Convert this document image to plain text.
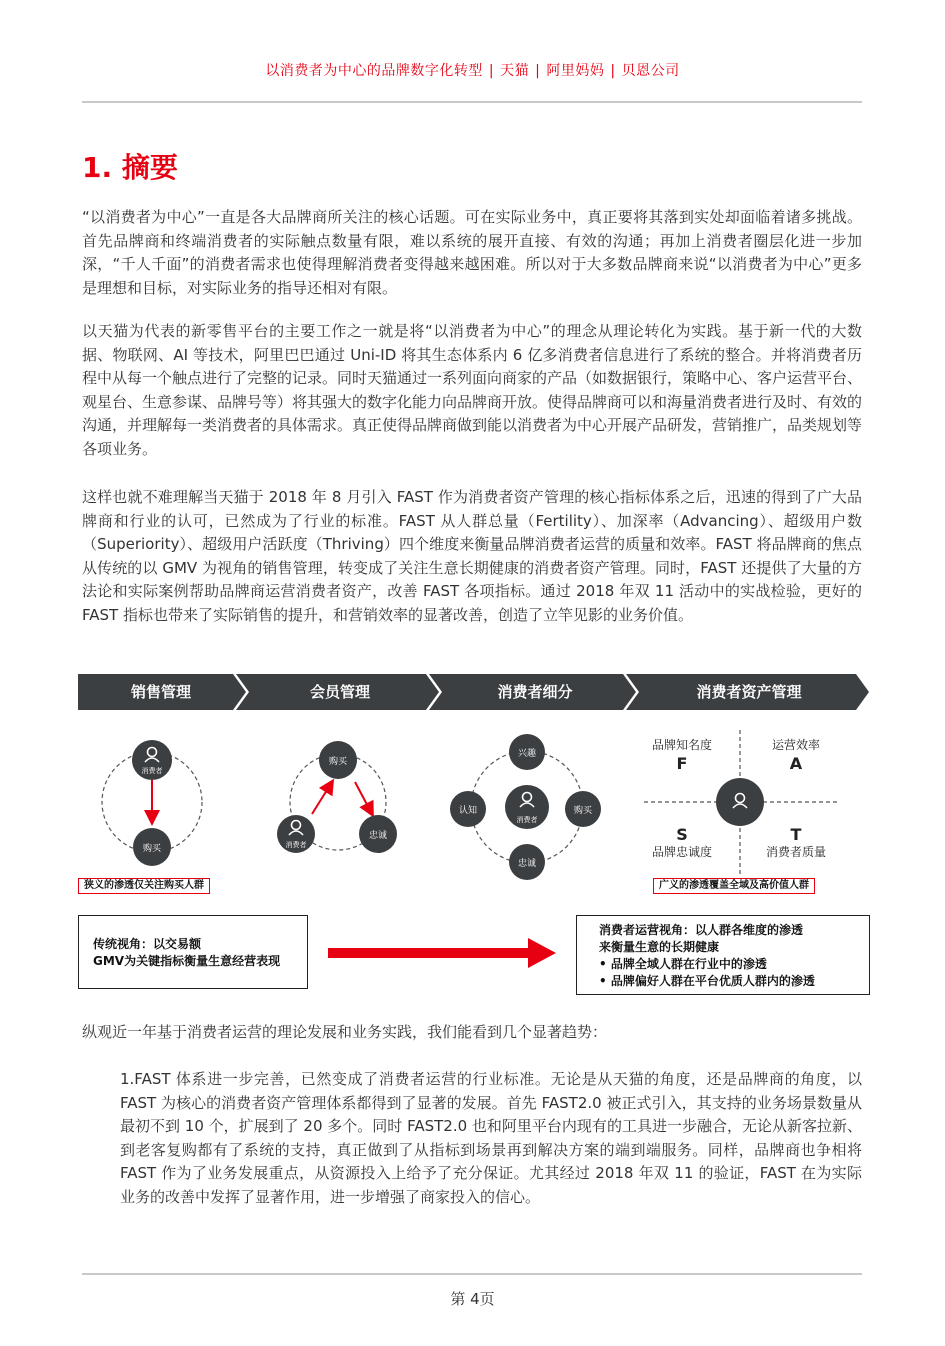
以消费者为中心的品牌数字化转型 | 天猫 | 阿里妈妈 | 贝恩公司
1. 摘要

“以消费者为中心”一直是各大品牌商所关注的核心话题。可在实际业务中，真正要将其落到实处却面临着诸多挑战。首先品牌商和终端消费者的实际触点数量有限，难以系统的展开直接、有效的沟通；再加上消费者圈层化进一步加深，“千人千面”的消费者需求也使得理解消费者变得越来越困难。所以对于大多数品牌商来说“以消费者为中心”更多是理想和目标，对实际业务的指导还相对有限。

以天猫为代表的新零售平台的主要工作之一就是将“以消费者为中心”的理念从理论转化为实践。基于新一代的大数据、物联网、AI 等技术，阿里巴巴通过 Uni-ID 将其生态体系内 6 亿多消费者信息进行了系统的整合。并将消费者历程中从每一个触点进行了完整的记录。同时天猫通过一系列面向商家的产品（如数据银行，策略中心、客户运营平台、观星台、生意参谋、品牌号等）将其强大的数字化能力向品牌商开放。使得品牌商可以和海量消费者进行及时、有效的沟通，并理解每一类消费者的具体需求。真正使得品牌商做到能以消费者为中心开展产品研发，营销推广，品类规划等各项业务。

这样也就不难理解当天猫于 2018 年 8 月引入 FAST 作为消费者资产管理的核心指标体系之后，迅速的得到了广大品牌商和行业的认可，已然成为了行业的标准。FAST 从人群总量（Fertility）、加深率（Advancing）、超级用户数（Superiority）、超级用户活跃度（Thriving）四个维度来衡量品牌消费者运营的质量和效率。FAST 将品牌商的焦点从传统的以 GMV 为视角的销售管理，转变成了关注生意长期健康的消费者资产管理。同时，FAST 还提供了大量的方法论和实际案例帮助品牌商运营消费者资产，改善 FAST 各项指标。通过 2018 年双 11 活动中的实战检验，更好的 FAST 指标也带来了实际销售的提升，和营销效率的显著改善，创造了立竿见影的业务价值。

销售管理	会员管理	消费者细分	消费者资产管理
消费者
购买
购买
消费者
忠诚
消费者
兴趣
认知	购买
忠诚
品牌知名度
F
运营效率
A
S
品牌忠诚度
T
消费者质量
狭义的渗透仅关注购买人群	广义的渗透覆盖全域及高价值人群
传统视角：以交易额
GMV为关键指标衡量生意经营表现
消费者运营视角：以人群各维度的渗透
来衡量生意的长期健康
• 品牌全域人群在行业中的渗透
• 品牌偏好人群在平台优质人群内的渗透

纵观近一年基于消费者运营的理论发展和业务实践，我们能看到几个显著趋势：

1.FAST 体系进一步完善，已然变成了消费者运营的行业标准。无论是从天猫的角度，还是品牌商的角度，以 FAST 为核心的消费者资产管理体系都得到了显著的发展。首先 FAST2.0 被正式引入，其支持的业务场景数量从最初不到 10 个，扩展到了 20 多个。同时 FAST2.0 也和阿里平台内现有的工具进一步融合，无论从新客拉新、到老客复购都有了系统的支持，真正做到了从指标到场景再到解决方案的端到端服务。同样，品牌商也争相将 FAST 作为了业务发展重点，从资源投入上给予了充分保证。尤其经过 2018 年双 11 的验证，FAST 在为实际业务的改善中发挥了显著作用，进一步增强了商家投入的信心。

第 4页
